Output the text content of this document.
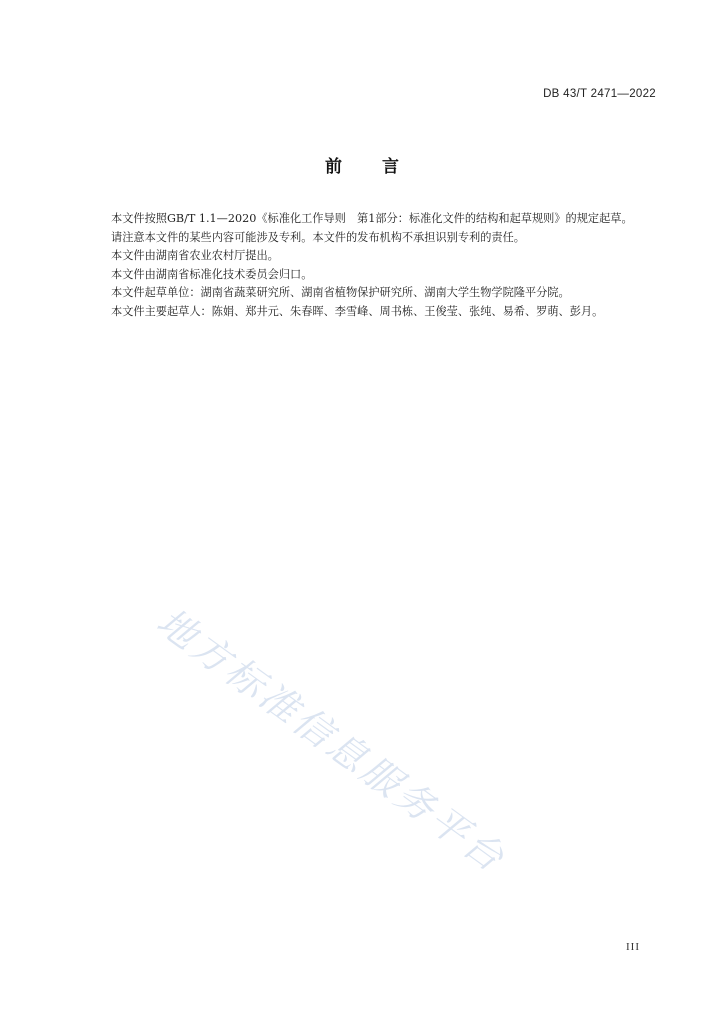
DB 43/T 2471—2022
前 言

本文件按照GB/T 1.1—2020《标准化工作导则　第1部分：标准化文件的结构和起草规则》的规定起草。

请注意本文件的某些内容可能涉及专利。本文件的发布机构不承担识别专利的责任。

本文件由湖南省农业农村厅提出。

本文件由湖南省标准化技术委员会归口。

本文件起草单位：湖南省蔬菜研究所、湖南省植物保护研究所、湖南大学生物学院隆平分院。

本文件主要起草人：陈娟、郑井元、朱春晖、李雪峰、周书栋、王俊莹、张纯、易希、罗萌、彭月。

地方标准信息服务平台
III
